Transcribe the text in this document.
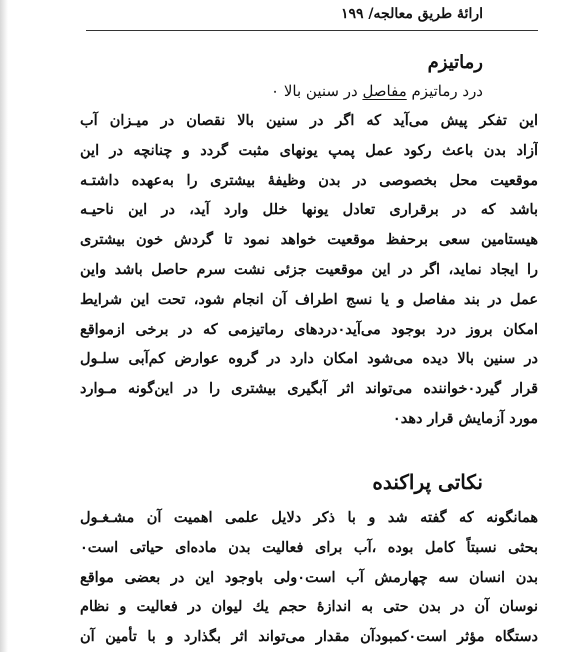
ارائهٔ طریق معالجه/ ۱۹۹
رماتیزم
درد رماتیزم مفاصل در سنین بالا ۰
این تفکر پیش می‌آید که اگر در سنین بالا نقصان در میـزان آب
آزاد بدن باعث رکود عمل پمپ یونهای مثبت گردد و چنانچه در این
موقعیت محل بخصوصی در بدن وظیفهٔ بیشتری را به‌عهده داشتـه
باشد که در برقراری تعادل یونها خلل وارد آید، در این ناحیـه
هیستامین سعی برحفظ موقعیت خواهد نمود تا گردش خون بیشتری
را ایجاد نماید، اگر در این موقعیت جزئی نشت سرم حاصل باشد واین
عمل در بند مفاصل و یا نسج اطراف آن انجام شود، تحت این شرایط
امکان بروز درد بوجود می‌آید۰دردهای رماتیزمی که در برخی ازمواقع
در سنین بالا دیده می‌شود امکان دارد در گروه عوارض کم‌آبی سلـول
قرار گیرد۰خواننده می‌تواند اثر آبگیری بیشتری را در این‌گونه مـوارد
مورد آزمایش قرار دهد۰
نکاتی پراکنده
همانگونه که گفته شد و با ذکر دلایل علمی اهمیت آن مشـغـول
بحثی نسبتاً کامل بوده ،آب برای فعالیت بدن ماده‌ای حیاتی است۰
بدن انسان سه چهارمش آب است۰ولی باوجود این در بعضی مواقع
نوسان آن در بدن حتی به اندازهٔ حجم یك لیوان در فعالیت و نظام
دستگاه مؤثر است۰کمبودآن مقدار می‌تواند اثر بگذارد و با تأمین آن
